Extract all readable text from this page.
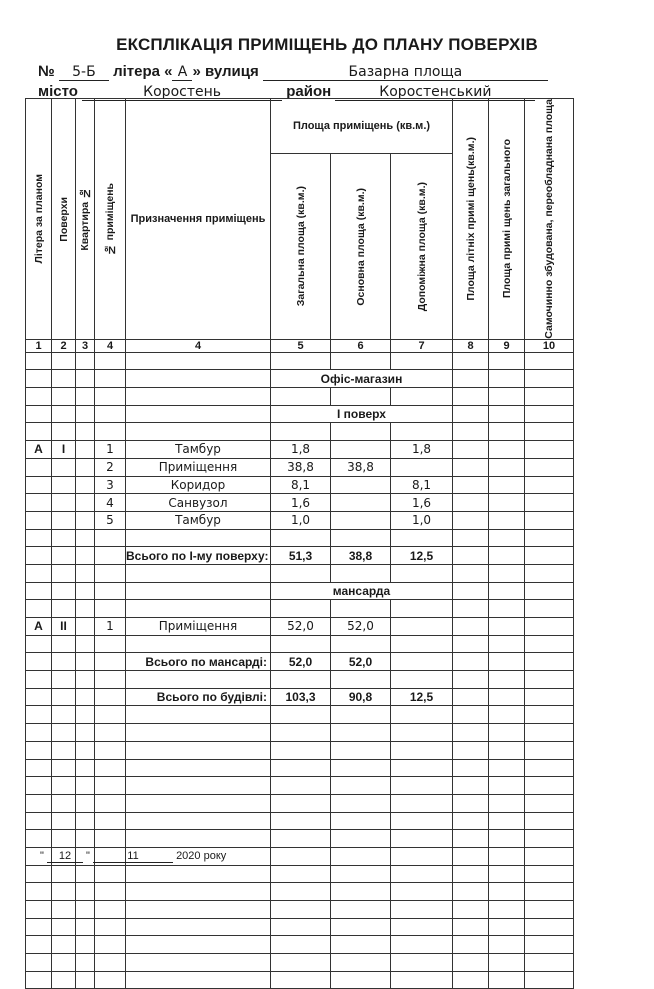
ЕКСПЛІКАЦІЯ ПРИМІЩЕНЬ ДО ПЛАНУ ПОВЕРХІВ
№ 5-Б літера « А » вулиця	Базарна площа
місто	Коростень	район	Коростенський
Літера за планом	Поверхи	Квартира №	№ приміщень	Призначення приміщень	Площа приміщень (кв.м.)			Площа літніх примі щень(кв.м.)	Площа примі щень загального	Самочинно збудована, переобладнана площа

					Загальна площа (кв.м.)	Основна площа (кв.м.)	Допоміжна площа (кв.м.)			

1	2	3	4	4	5	6	7	8	9	10

					Офіс-магазин					

					І поверх					

А	І		1	Тамбур	1,8		1,8			
			2	Приміщення	38,8	38,8				
			3	Коридор	8,1		8,1			
			4	Санвузол	1,6		1,6			
			5	Тамбур	1,0		1,0			

				Всього по І-му поверху:	51,3	38,8	12,5			

					мансарда					

А	ІІ		1	Приміщення	52,0	52,0				

				Всього по мансарді:	52,0	52,0				

				Всього по будівлі:	103,3	90,8	12,5			

" 12 "	11	2020 року
